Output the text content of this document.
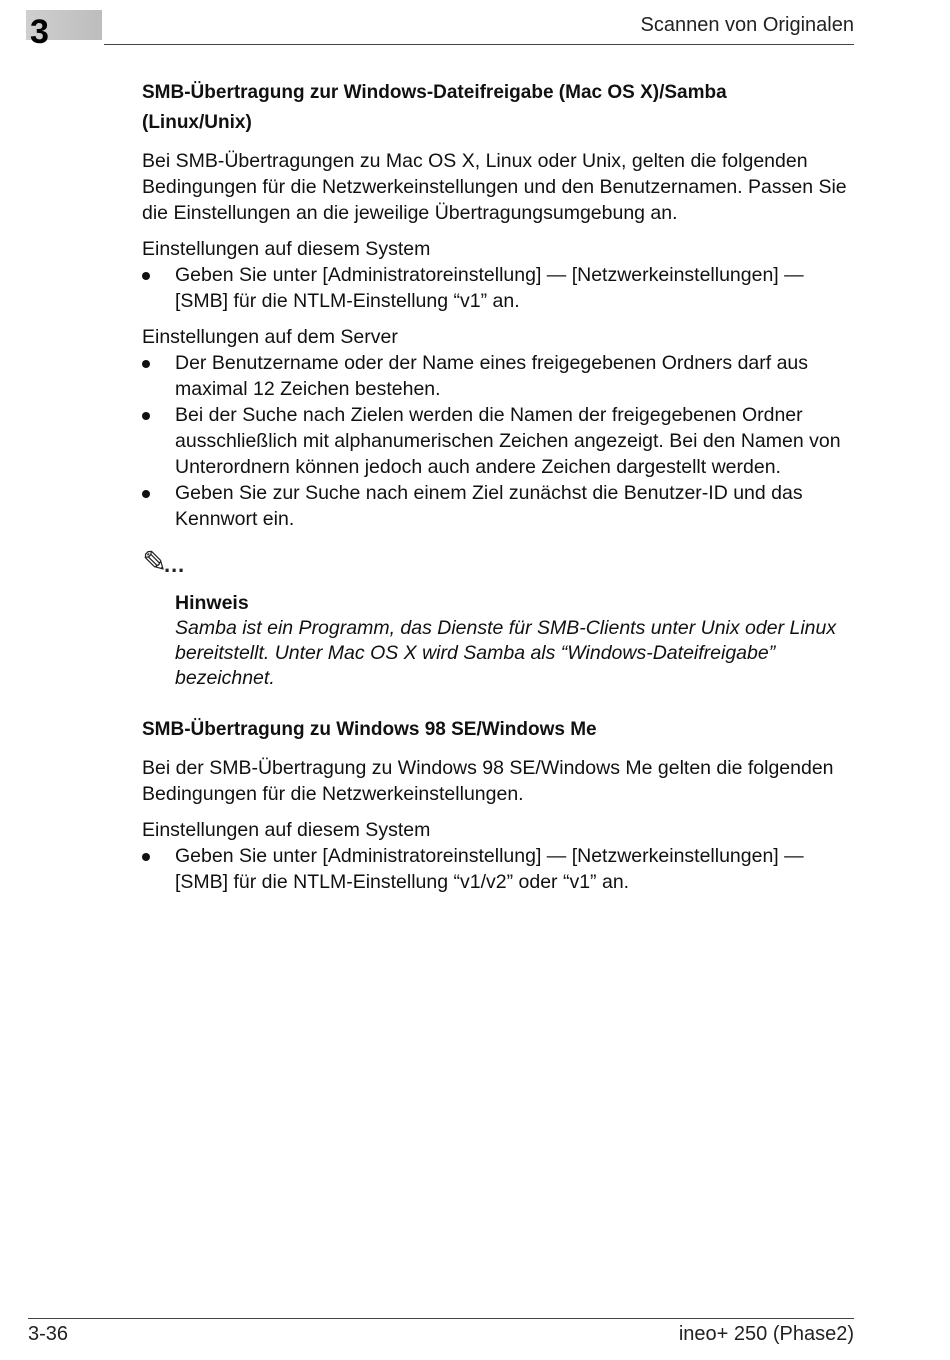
3	Scannen von Originalen
SMB-Übertragung zur Windows-Dateifreigabe (Mac OS X)/Samba
(Linux/Unix)

Bei SMB-Übertragungen zu Mac OS X, Linux oder Unix, gelten die folgenden Bedingungen für die Netzwerkeinstellungen und den Benutzernamen. Passen Sie die Einstellungen an die jeweilige Übertragungsumgebung an.

Einstellungen auf diesem System

Geben Sie unter [Administratoreinstellung] — [Netzwerkeinstellungen] — [SMB] für die NTLM-Einstellung “v1” an.

Einstellungen auf dem Server

Der Benutzername oder der Name eines freigegebenen Ordners darf aus maximal 12 Zeichen bestehen.
Bei der Suche nach Zielen werden die Namen der freigegebenen Ordner ausschließlich mit alphanumerischen Zeichen angezeigt. Bei den Namen von Unterordnern können jedoch auch andere Zeichen dargestellt werden.
Geben Sie zur Suche nach einem Ziel zunächst die Benutzer-ID und das Kennwort ein.
✎…

Hinweis

Samba ist ein Programm, das Dienste für SMB-Clients unter Unix oder Linux bereitstellt. Unter Mac OS X wird Samba als “Windows-Dateifreigabe” bezeichnet.

SMB-Übertragung zu Windows 98 SE/Windows Me

Bei der SMB-Übertragung zu Windows 98 SE/Windows Me gelten die folgenden Bedingungen für die Netzwerkeinstellungen.

Einstellungen auf diesem System

Geben Sie unter [Administratoreinstellung] — [Netzwerkeinstellungen] — [SMB] für die NTLM-Einstellung “v1/v2” oder “v1” an.
3-36	ineo+ 250 (Phase2)
